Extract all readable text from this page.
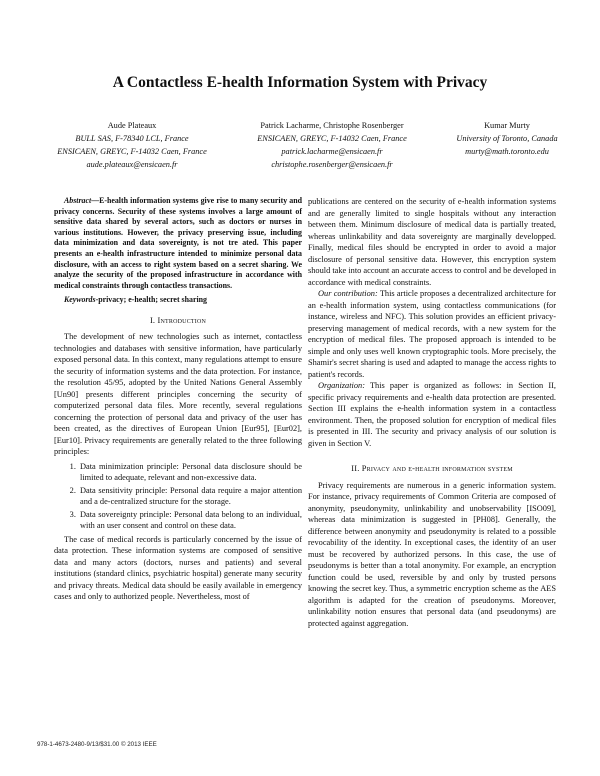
A Contactless E-health Information System with Privacy
Aude Plateaux
BULL SAS, F-78340 LCL, France
ENSICAEN, GREYC, F-14032 Caen, France
aude.plateaux@ensicaen.fr
Patrick Lacharme, Christophe Rosenberger
ENSICAEN, GREYC, F-14032 Caen, France
patrick.lacharme@ensicaen.fr
christophe.rosenberger@ensicaen.fr
Kumar Murty
University of Toronto, Canada
murty@math.toronto.edu

Abstract—E-health information systems give rise to many security and privacy concerns. Security of these systems involves a large amount of sensitive data shared by several actors, such as doctors or nurses in various institutions. However, the privacy preserving issue, including data minimization and data sovereignty, is not tre ated. This paper presents an e-health infrastructure intended to minimize personal data disclosure, with an access to right system based on a secret sharing. We analyze the security of the proposed infrastructure in accordance with medical constraints through contactless transactions.

Keywords-privacy; e-health; secret sharing

I. Introduction

The development of new technologies such as internet, contactless technologies and databases with sensitive information, have particularly exposed personal data. In this context, many regulations attempt to ensure the security of information systems and the data protection. For instance, the resolution 45/95, adopted by the United Nations General Assembly [Un90] presents different principles concerning the security of computerized personal data files. More recently, several regulations concerning the protection of personal data and privacy of the user has been created, as the directives of European Union [Eur95], [Eur02], [Eur10]. Privacy requirements are generally related to the three following principles:

1. Data minimization principle: Personal data disclosure should be limited to adequate, relevant and non-excessive data.
2. Data sensitivity principle: Personal data require a major attention and a de-centralized structure for the storage.
3. Data sovereignty principle: Personal data belong to an individual, with an user consent and control on these data.

The case of medical records is particularly concerned by the issue of data protection. These information systems are composed of sensitive data and many actors (doctors, nurses and patients) and several institutions (standard clinics, psychiatric hospital) generate many security and privacy threats. Medical data should be easily available in emergency cases and only to authorized people. Nevertheless, most of

publications are centered on the security of e-health information systems and are generally limited to single hospitals without any interaction between them. Minimum disclosure of medical data is partially treated, whereas unlinkability and data sovereignty are marginally developped. Finally, medical files should be encrypted in order to avoid a major disclosure of personal sensitive data. However, this encryption system should take into account an accurate access to control and be developed in accordance with medical constraints.

Our contribution: This article proposes a decentralized architecture for an e-health information system, using contactless communications (for instance, wireless and NFC). This solution provides an efficient privacy-preserving management of medical records, with a new system for the encryption of medical files. The proposed approach is intended to be simple and only uses well known cryptographic tools. More precisely, the Shamir's secret sharing is used and adapted to manage the access rights to patient's records.

Organization: This paper is organized as follows: in Section II, specific privacy requirements and e-health data protection are presented. Section III explains the e-health information system in a contactless environment. Then, the proposed solution for encryption of medical files is presented in III. The security and privacy analysis of our solution is given in Section V.

II. Privacy and e-health information system

Privacy requirements are numerous in a generic information system. For instance, privacy requirements of Common Criteria are composed of anonymity, pseudonymity, unlinkability and unobservability [ISO09], whereas data minimization is suggested in [PH08]. Generally, the difference between anonymity and pseudonymity is related to a possible revocability of the identity. In exceptional cases, the identity of an user must be recovered by authorized persons. In this case, the use of pseudonyms is better than a total anonymity. For example, an encryption function could be used, reversible by and only by trusted persons knowing the secret key. Thus, a symmetric encryption scheme as the AES algorithm is adapted for the creation of pseudonyms. Moreover, unlinkability notion ensures that personal data (and pseudonyms) are protected against aggregation.

978-1-4673-2480-9/13/$31.00 © 2013 IEEE
